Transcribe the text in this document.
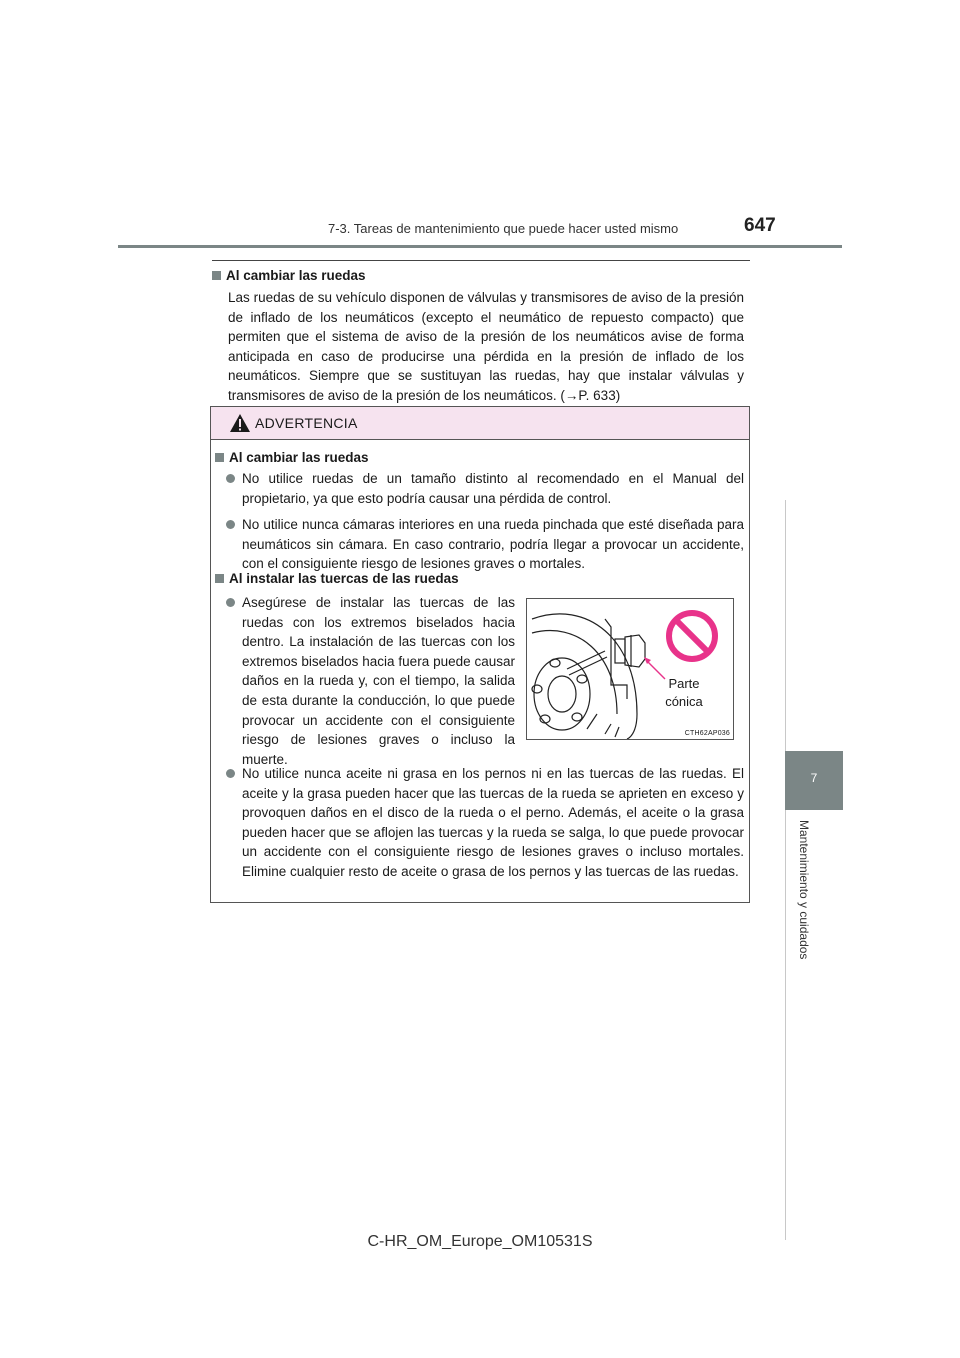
7-3. Tareas de mantenimiento que puede hacer usted mismo	647
7
Mantenimiento y cuidados
Al cambiar las ruedas
Las ruedas de su vehículo disponen de válvulas y transmisores de aviso de la presión de inflado de los neumáticos (excepto el neumático de repuesto compacto) que permiten que el sistema de aviso de la presión de los neumáticos avise de forma anticipada en caso de producirse una pérdida en la presión de inflado de los neumáticos. Siempre que se sustituyan las ruedas, hay que instalar válvulas y transmisores de aviso de la presión de los neumáticos. (→P. 633)
ADVERTENCIA
Al cambiar las ruedas
No utilice ruedas de un tamaño distinto al recomendado en el Manual del propietario, ya que esto podría causar una pérdida de control.
No utilice nunca cámaras interiores en una rueda pinchada que esté diseñada para neumáticos sin cámara. En caso contrario, podría llegar a provocar un accidente, con el consiguiente riesgo de lesiones graves o mortales.
Al instalar las tuercas de las ruedas
Asegúrese de instalar las tuercas de las ruedas con los extremos biselados hacia dentro. La instalación de las tuercas con los extremos biselados hacia fuera puede causar daños en la rueda y, con el tiempo, la salida de esta durante la conducción, lo que puede provocar un accidente con el consiguiente riesgo de lesiones graves o incluso la muerte.
No utilice nunca aceite ni grasa en los pernos ni en las tuercas de las ruedas. El aceite y la grasa pueden hacer que las tuercas de la rueda se aprieten en exceso y provoquen daños en el disco de la rueda o el perno. Además, el aceite o la grasa pueden hacer que se aflojen las tuercas y la rueda se salga, lo que puede provocar un accidente con el consiguiente riesgo de lesiones graves o incluso mortales. Elimine cualquier resto de aceite o grasa de los pernos y las tuercas de las ruedas.
Parte
cónica
CTH62AP036
C-HR_OM_Europe_OM10531S
